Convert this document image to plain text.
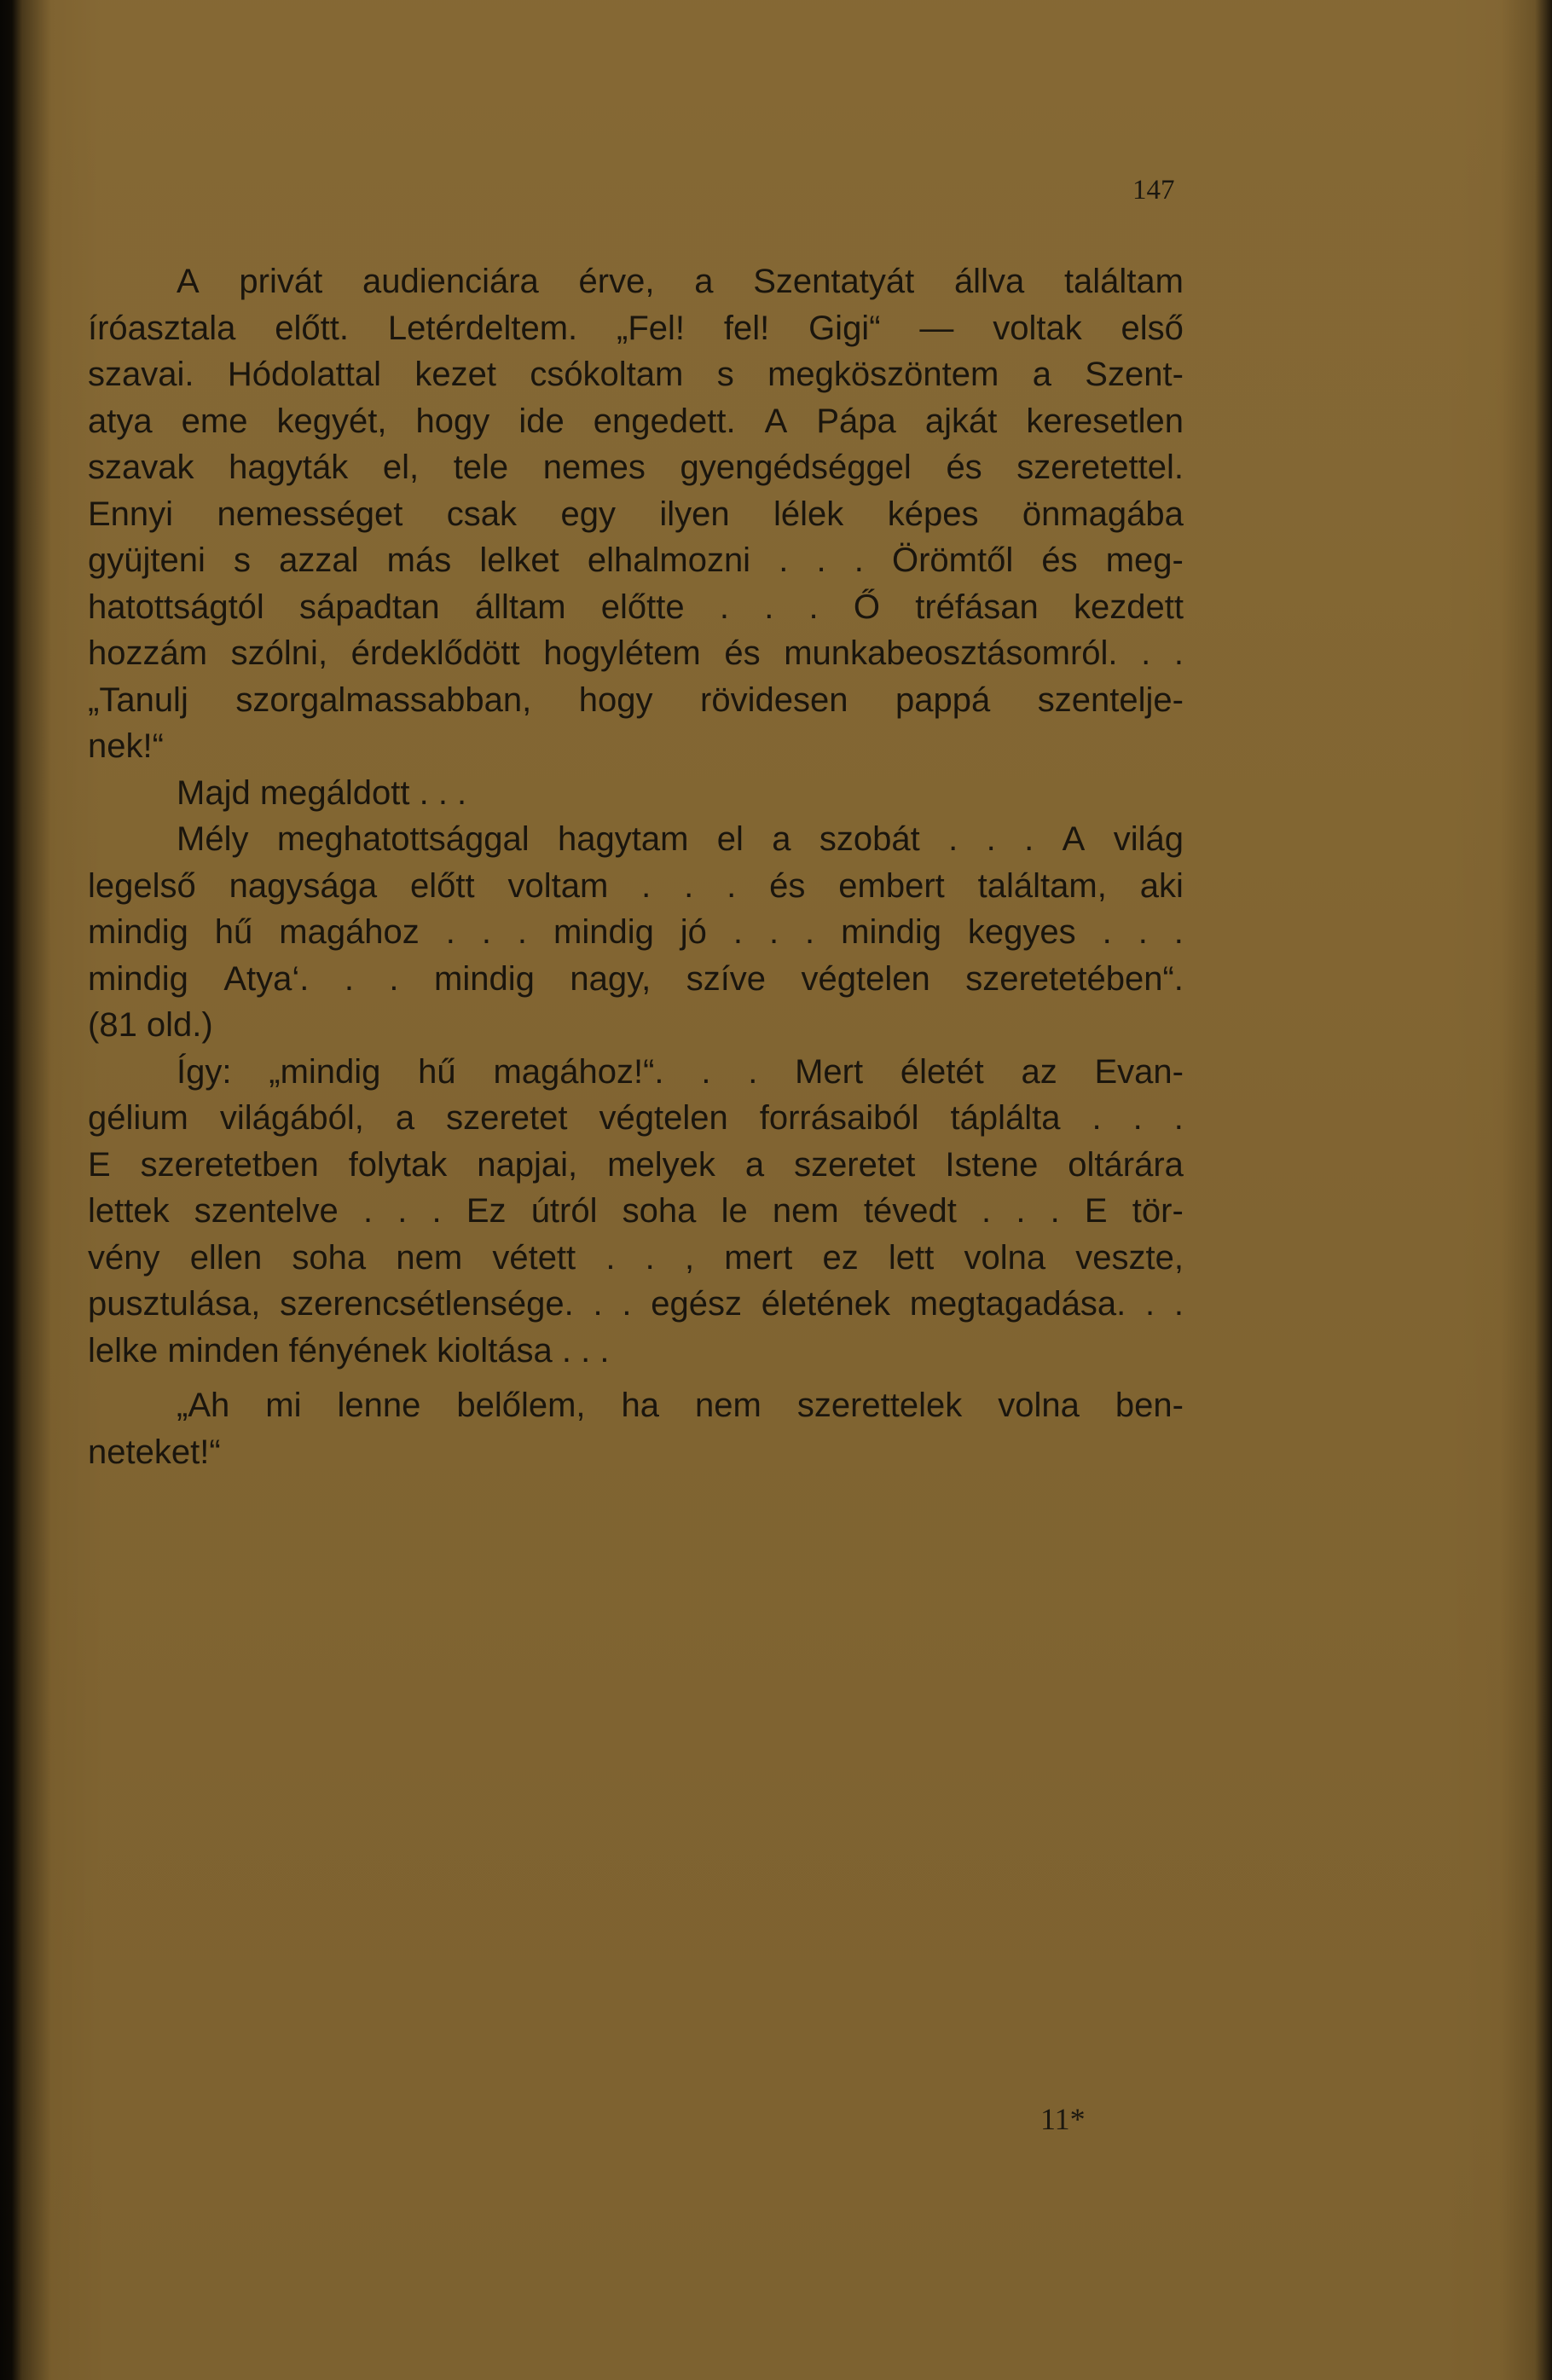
147
A privát audienciára érve, a Szentatyát állva találtam
íróasztala előtt. Letérdeltem. „Fel! fel! Gigi“ — voltak első
szavai. Hódolattal kezet csókoltam s megköszöntem a Szent-
atya eme kegyét, hogy ide engedett. A Pápa ajkát keresetlen
szavak hagyták el, tele nemes gyengédséggel és szeretettel.
Ennyi nemességet csak egy ilyen lélek képes önmagába
gyüjteni s azzal más lelket elhalmozni . . . Örömtől és meg-
hatottságtól sápadtan álltam előtte . . . Ő tréfásan kezdett
hozzám szólni, érdeklődött hogylétem és munkabeosztásomról. . .
„Tanulj szorgalmassabban, hogy rövidesen pappá szentelje-
nek!“
Majd megáldott . . .
Mély meghatottsággal hagytam el a szobát . . . A világ
legelső nagysága előtt voltam . . . és embert találtam, aki
mindig hű magához . . . mindig jó . . . mindig kegyes . . .
mindig Atya‘. . . mindig nagy, szíve végtelen szeretetében“.
(81 old.)
Így: „mindig hű magához!“. . . Mert életét az Evan-
gélium világából, a szeretet végtelen forrásaiból táplálta . . .
E szeretetben folytak napjai, melyek a szeretet Istene oltárára
lettek szentelve . . . Ez útról soha le nem tévedt . . . E tör-
vény ellen soha nem vétett . . , mert ez lett volna veszte,
pusztulása, szerencsétlensége. . . egész életének megtagadása. . .
lelke minden fényének kioltása . . .
„Ah mi lenne belőlem, ha nem szerettelek volna ben-
neteket!“
11*
